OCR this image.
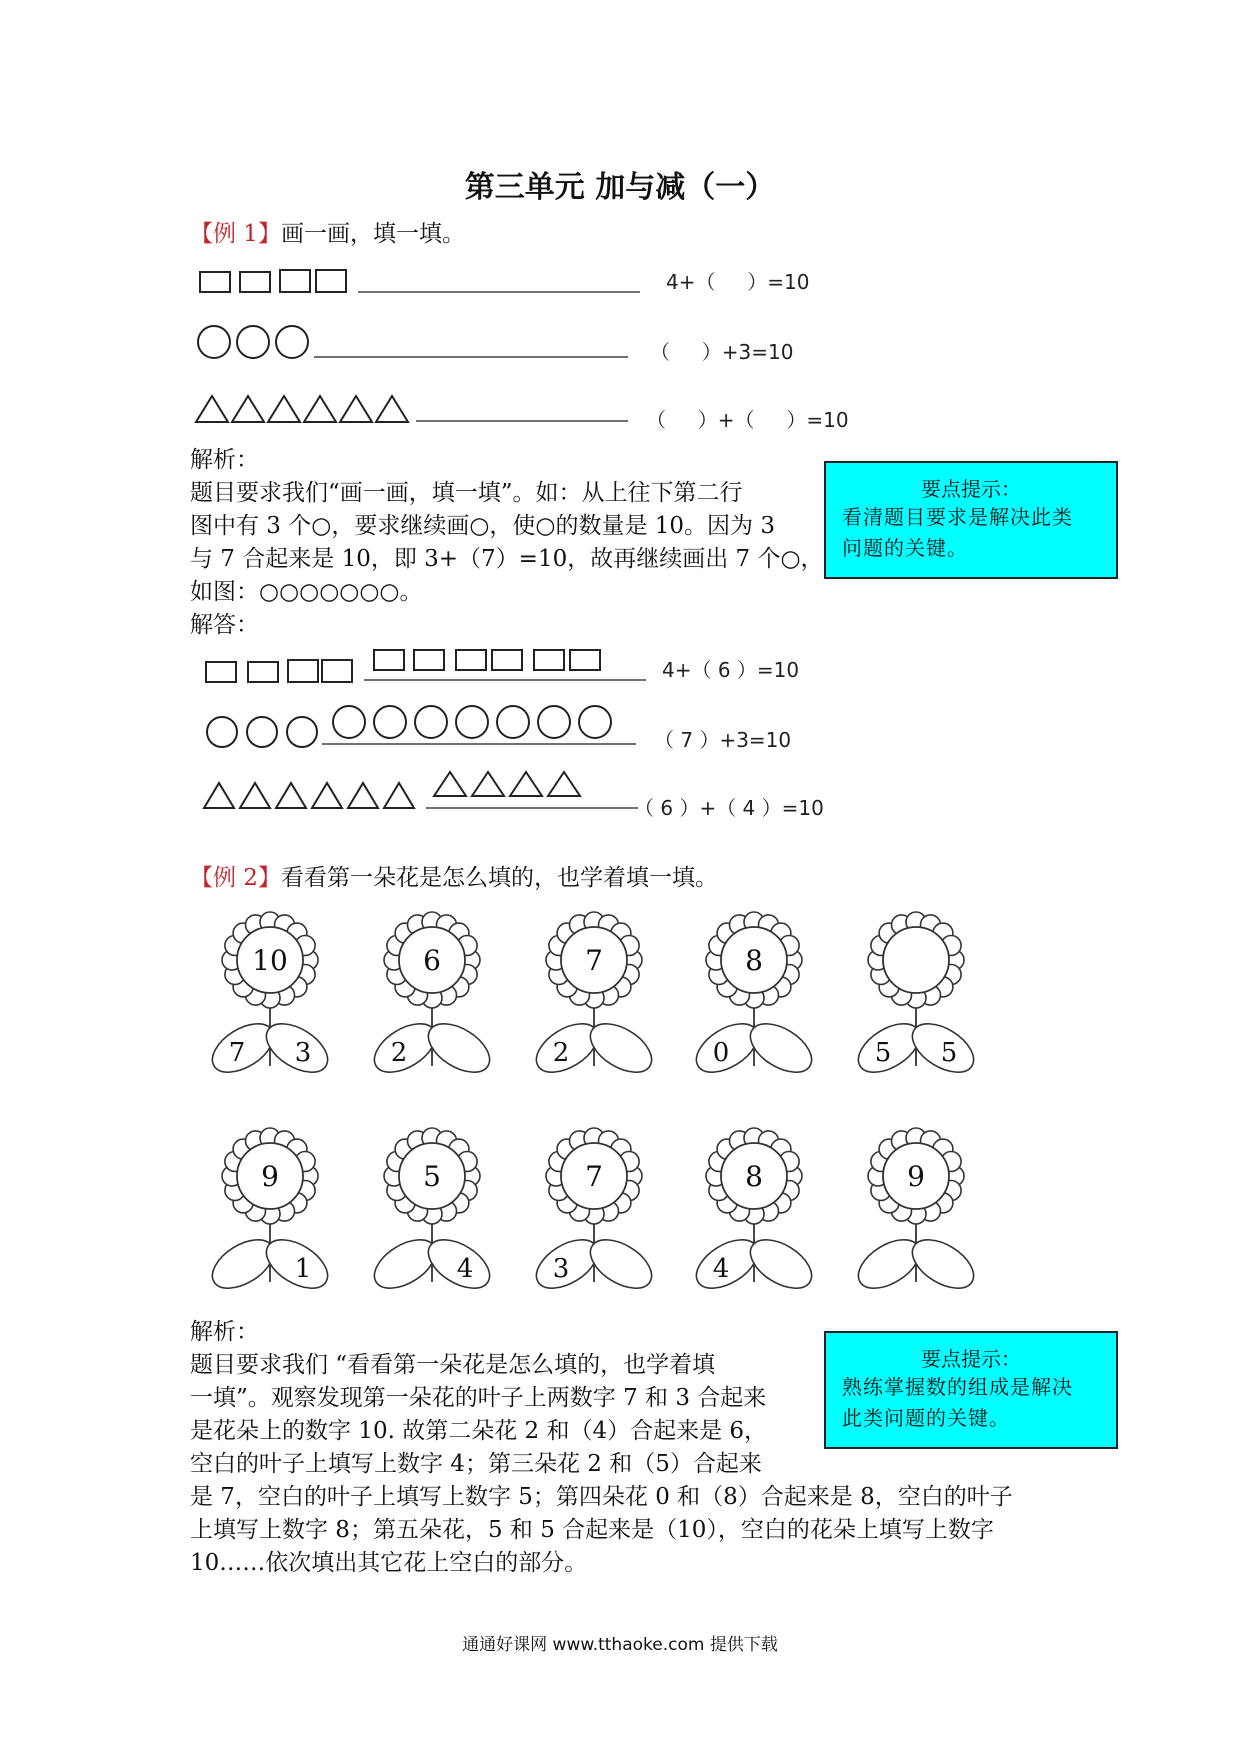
第三单元 加与减（一）
【例 1】画一画，填一填。
4+（     ）=10
（     ）+3=10
（     ）+（     ）=10
解析：
题目要求我们“画一画，填一填”。如：从上往下第二行
图中有 3 个○，要求继续画○，使○的数量是 10。因为 3
与 7 合起来是 10，即 3+（7）=10，故再继续画出 7 个○，
如图：○○○○○○○。
解答：
要点提示：
看清题目要求是解决此类
问题的关键。
4+（ 6 ）=10
（ 7 ）+3=10
（ 6 ）+（ 4 ）=10
【例 2】看看第一朵花是怎么填的，也学着填一填。
10
7 3
6
2
7
2
8
0	5 5
9
1
5
4
7
3
8
4
9
解析：
题目要求我们 “看看第一朵花是怎么填的，也学着填
一填”。观察发现第一朵花的叶子上两数字 7 和 3 合起来
是花朵上的数字 10. 故第二朵花 2 和（4）合起来是 6，
空白的叶子上填写上数字 4；第三朵花 2 和（5）合起来
是 7，空白的叶子上填写上数字 5；第四朵花 0 和（8）合起来是 8，空白的叶子
上填写上数字 8；第五朵花，5 和 5 合起来是（10），空白的花朵上填写上数字
10……依次填出其它花上空白的部分。
要点提示：
熟练掌握数的组成是解决
此类问题的关键。
通通好课网 www.tthaoke.com 提供下载
